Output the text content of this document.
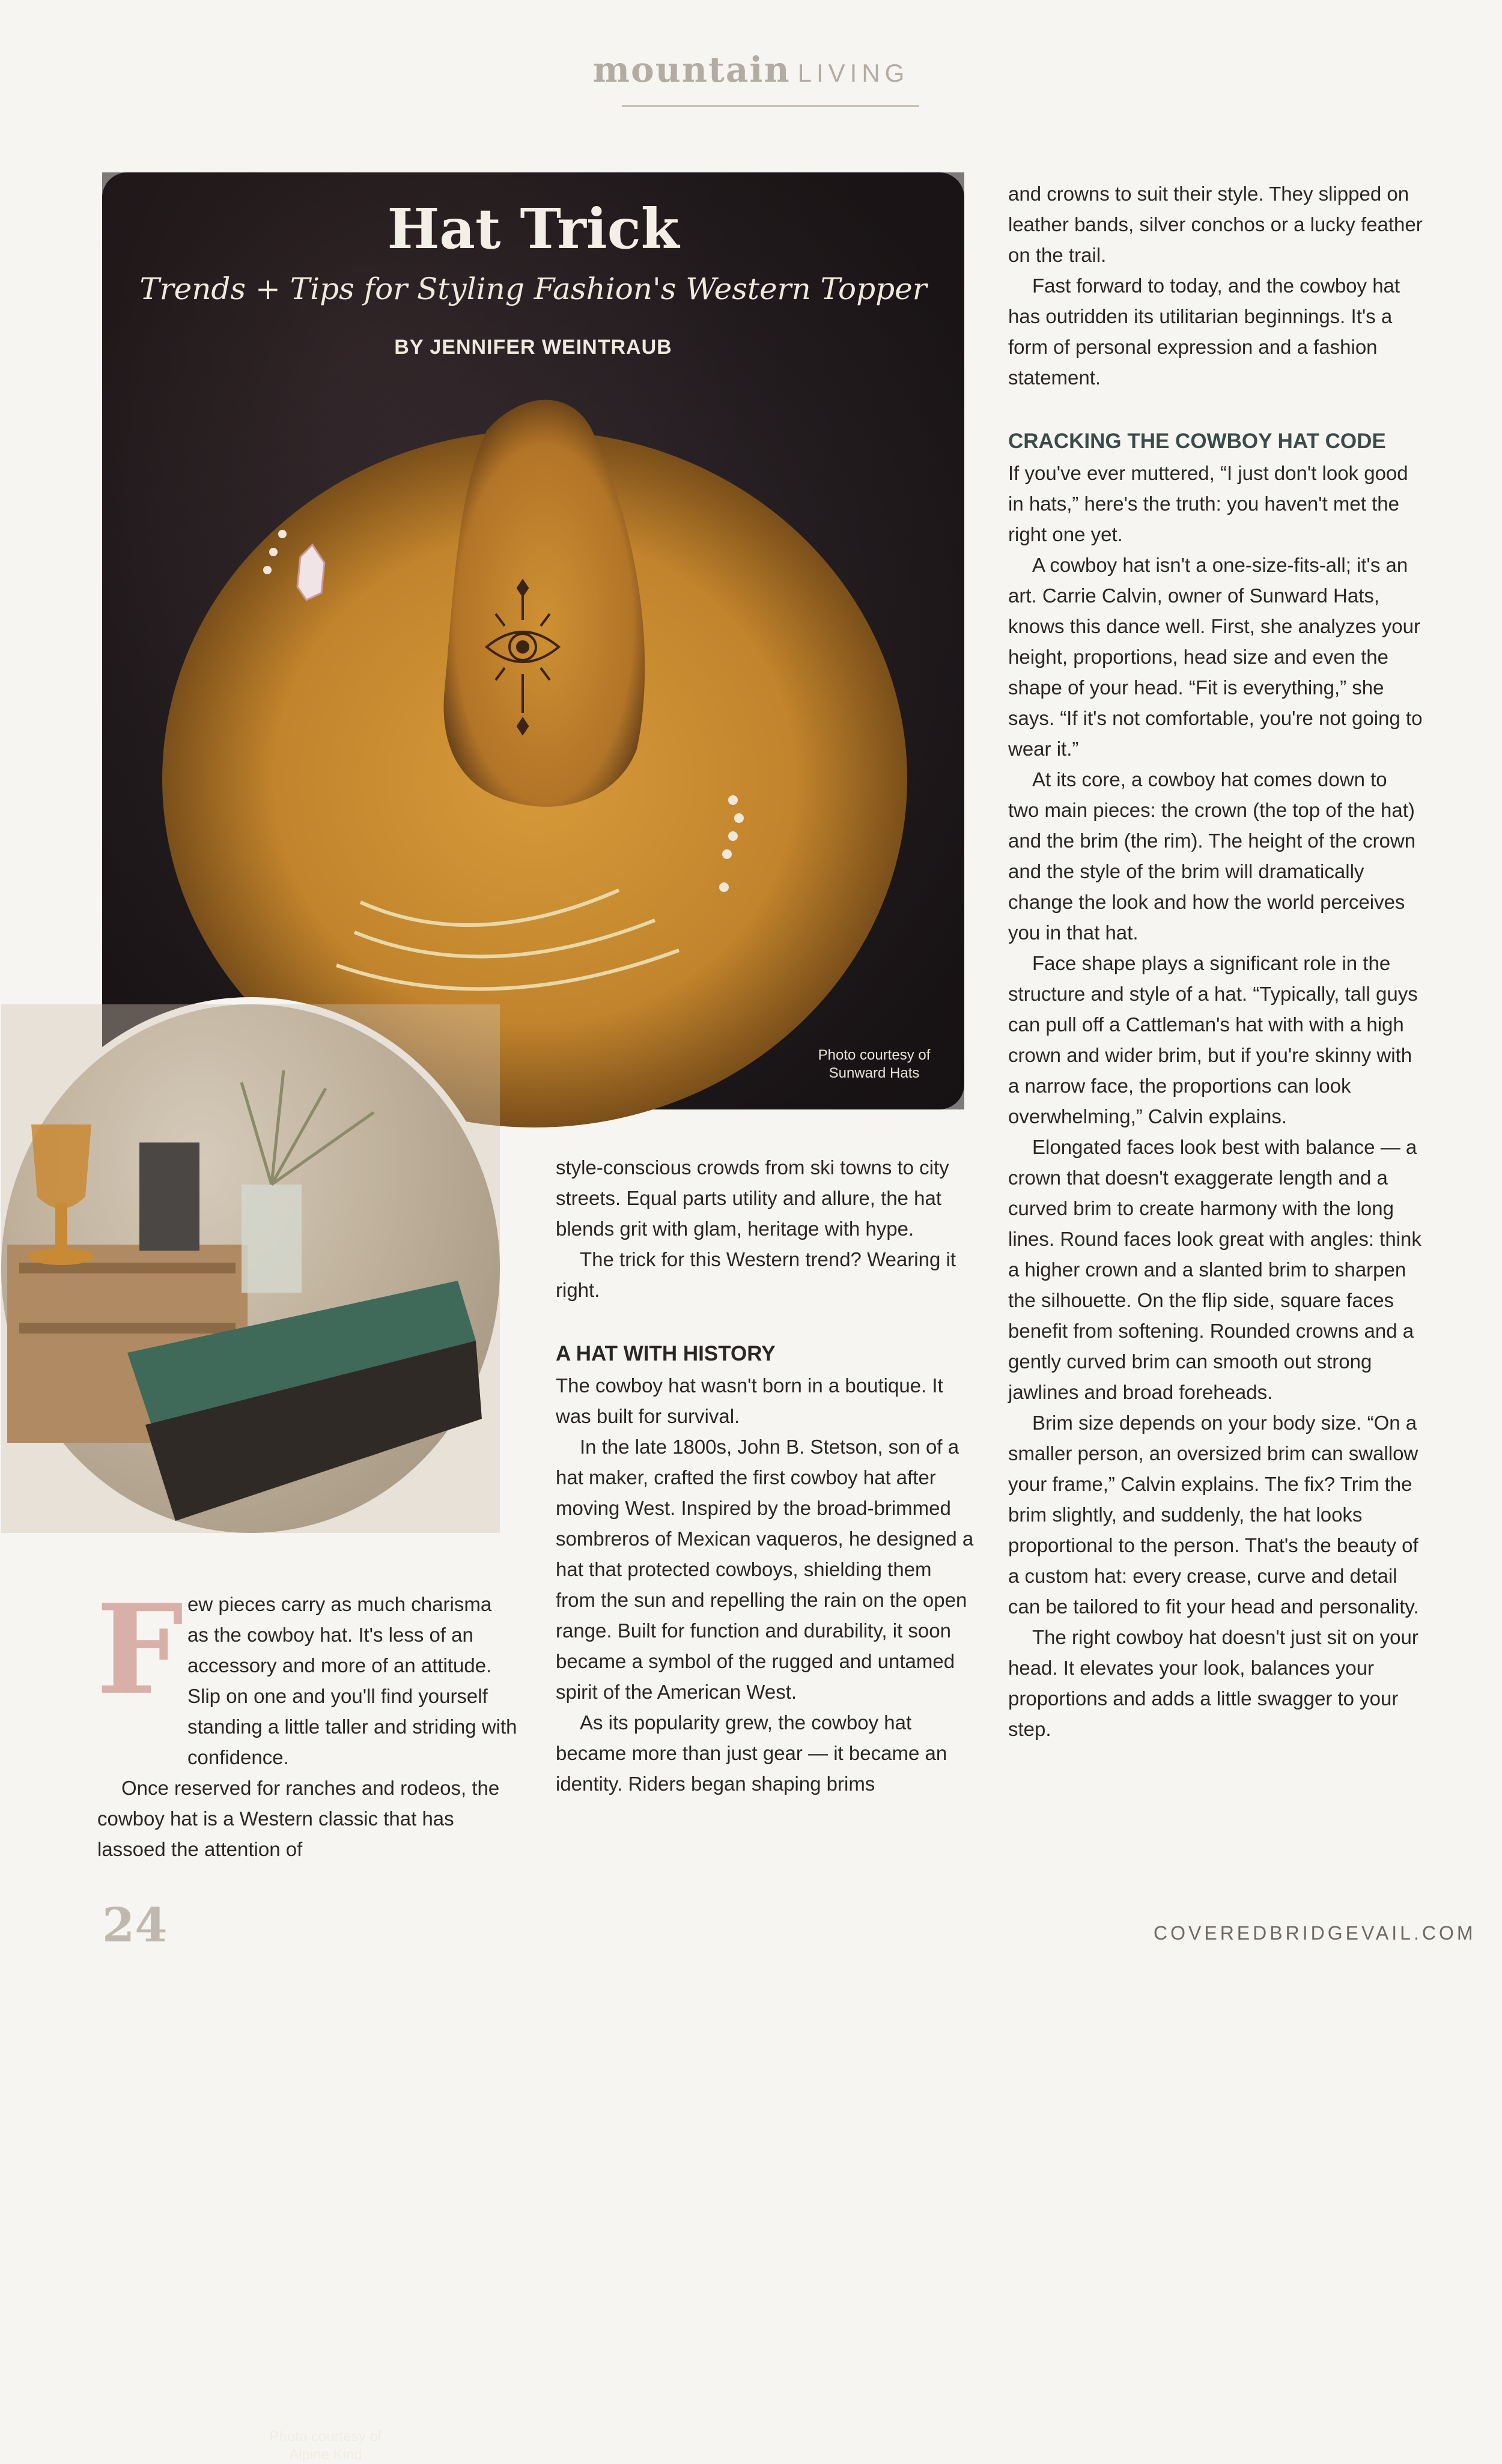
mountain LIVING
Hat Trick
Trends + Tips for Styling Fashion's Western Topper
BY JENNIFER WEINTRAUB
Photo courtesy of
Sunward Hats
Photo courtesy of
Alpine Kind
F ew pieces carry as much charisma as the cowboy hat. It's less of an accessory and more of an attitude. Slip on one and you'll find yourself standing a little taller and striding with confidence.

Once reserved for ranches and rodeos, the cowboy hat is a Western classic that has lassoed the attention of

style-conscious crowds from ski towns to city streets. Equal parts utility and allure, the hat blends grit with glam, heritage with hype.

The trick for this Western trend? Wearing it right.

A HAT WITH HISTORY

The cowboy hat wasn't born in a boutique. It was built for survival.

In the late 1800s, John B. Stetson, son of a hat maker, crafted the first cowboy hat after moving West. Inspired by the broad-brimmed sombreros of Mexican vaqueros, he designed a hat that protected cowboys, shielding them from the sun and repelling the rain on the open range. Built for function and durability, it soon became a symbol of the rugged and untamed spirit of the American West.

As its popularity grew, the cowboy hat became more than just gear — it became an identity. Riders began shaping brims

and crowns to suit their style. They slipped on leather bands, silver conchos or a lucky feather on the trail.

Fast forward to today, and the cowboy hat has outridden its utilitarian beginnings. It's a form of personal expression and a fashion statement.

CRACKING THE COWBOY HAT CODE

If you've ever muttered, “I just don't look good in hats,” here's the truth: you haven't met the right one yet.

A cowboy hat isn't a one-size-fits-all; it's an art. Carrie Calvin, owner of Sunward Hats, knows this dance well. First, she analyzes your height, proportions, head size and even the shape of your head. “Fit is everything,” she says. “If it's not comfortable, you're not going to wear it.”

At its core, a cowboy hat comes down to two main pieces: the crown (the top of the hat) and the brim (the rim). The height of the crown and the style of the brim will dramatically change the look and how the world perceives you in that hat.

Face shape plays a significant role in the structure and style of a hat. “Typically, tall guys can pull off a Cattleman's hat with with a high crown and wider brim, but if you're skinny with a narrow face, the proportions can look overwhelming,” Calvin explains.

Elongated faces look best with balance — a crown that doesn't exaggerate length and a curved brim to create harmony with the long lines. Round faces look great with angles: think a higher crown and a slanted brim to sharpen the silhouette. On the flip side, square faces benefit from softening. Rounded crowns and a gently curved brim can smooth out strong jawlines and broad foreheads.

Brim size depends on your body size. “On a smaller person, an oversized brim can swallow your frame,” Calvin explains. The fix? Trim the brim slightly, and suddenly, the hat looks proportional to the person. That's the beauty of a custom hat: every crease, curve and detail can be tailored to fit your head and personality.

The right cowboy hat doesn't just sit on your head. It elevates your look, balances your proportions and adds a little swagger to your step.

24	COVEREDBRIDGEVAIL.COM
